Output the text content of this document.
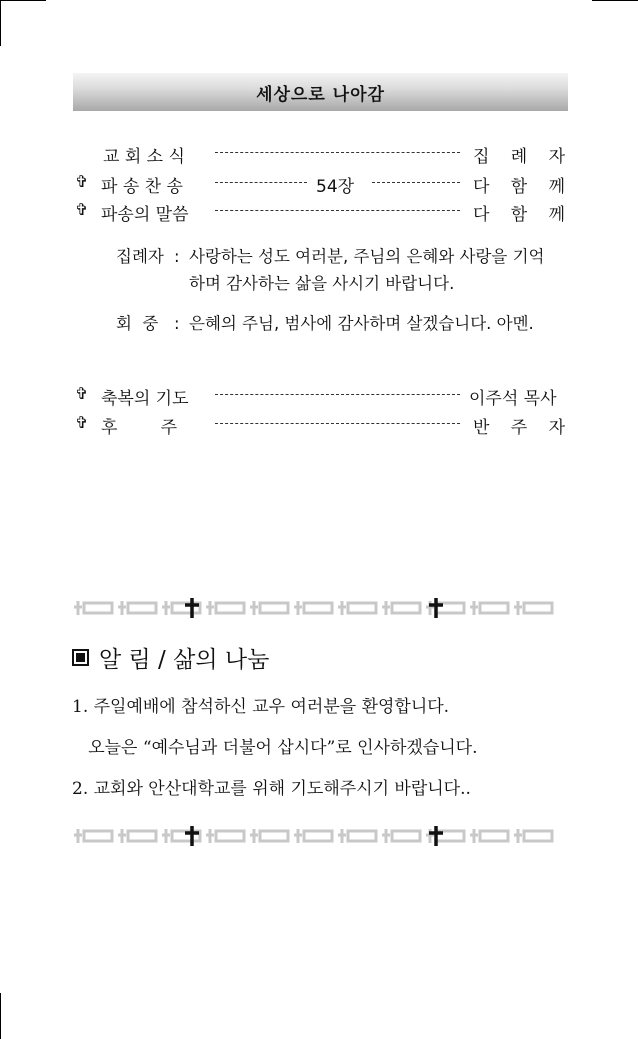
세상으로 나아감
교 회 소 식	집 례 자
✞ 파 송 찬 송	54장	다 함 께
✞ 파송의 말씀	다 함 께
집례자 : 사랑하는 성도 여러분, 주님의 은혜와 사랑을 기억하며 감사하는 삶을 사시기 바랍니다.
회  중 : 은혜의 주님, 범사에 감사하며 살겠습니다. 아멘.
✞ 축복의 기도	이주석 목사
✞ 후        주	반 주 자
알 림 / 삶의 나눔
1. 주일예배에 참석하신 교우 여러분을 환영합니다.
오늘은 “예수님과 더불어 삽시다”로 인사하겠습니다.
2. 교회와 안산대학교를 위해 기도해주시기 바랍니다..
